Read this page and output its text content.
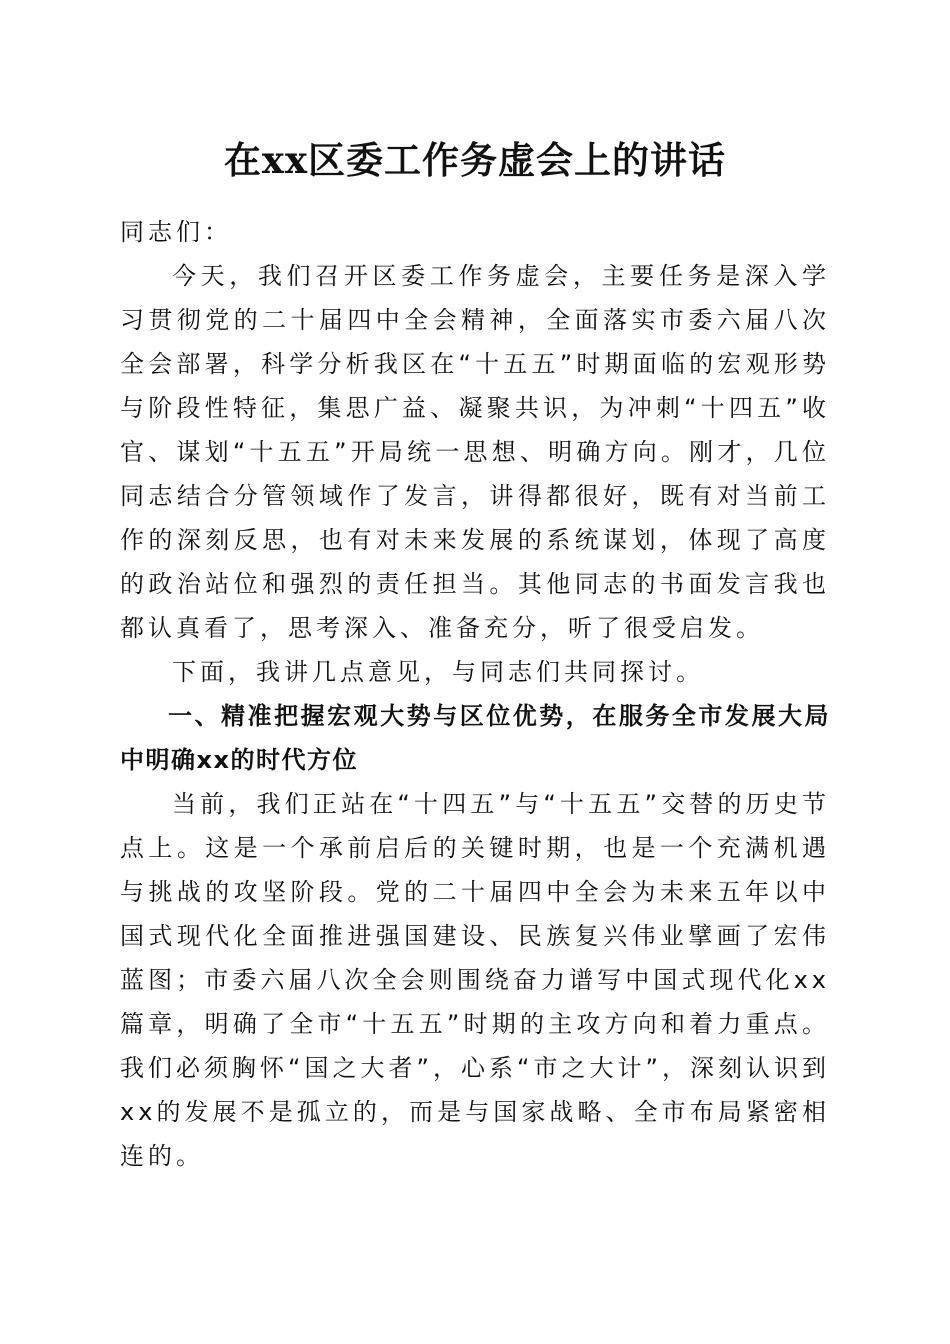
在xx区委工作务虚会上的讲话

同志们：

今天，我们召开区委工作务虚会，主要任务是深入学习贯彻党的二十届四中全会精神，全面落实市委六届八次全会部署，科学分析我区在“十五五”时期面临的宏观形势与阶段性特征，集思广益、凝聚共识，为冲刺“十四五”收官、谋划“十五五”开局统一思想、明确方向。刚才，几位同志结合分管领域作了发言，讲得都很好，既有对当前工作的深刻反思，也有对未来发展的系统谋划，体现了高度的政治站位和强烈的责任担当。其他同志的书面发言我也都认真看了，思考深入、准备充分，听了很受启发。

下面，我讲几点意见，与同志们共同探讨。

一、精准把握宏观大势与区位优势，在服务全市发展大局中明确xx的时代方位

当前，我们正站在“十四五”与“十五五”交替的历史节点上。这是一个承前启后的关键时期，也是一个充满机遇与挑战的攻坚阶段。党的二十届四中全会为未来五年以中国式现代化全面推进强国建设、民族复兴伟业擘画了宏伟蓝图；市委六届八次全会则围绕奋力谱写中国式现代化xx篇章，明确了全市“十五五”时期的主攻方向和着力重点。我们必须胸怀“国之大者”，心系“市之大计”，深刻认识到xx的发展不是孤立的，而是与国家战略、全市布局紧密相连的。
